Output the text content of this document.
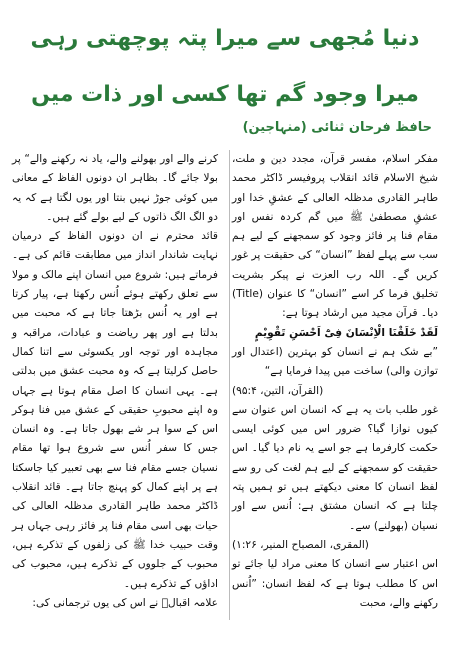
دنیا مُجھی سے میرا پتہ پوچھتی رہی
میرا وجود گم تھا کسی اور ذات میں
حافظ فرحان ثنائی (منہاجین)

مفکر اسلام، مفسر قرآن، مجدد دین و ملت، شیخ الاسلام قائد انقلاب پروفیسر ڈاکٹر محمد طاہر القادری مدظلہ العالی کے عشقِ خدا اور عشقِ مصطفیٰ ﷺ میں گم کردہ نفس اور مقام فنا پر فائز وجود کو سمجھنے کے لیے ہم سب سے پہلے لفظ ”انسان“ کی حقیقت پر غور کریں گے۔ اللہ رب العزت نے پیکر بشریت تخلیق فرما کر اسے ”انسان“ کا عنوان (Title) دیا۔ قرآن مجید میں ارشاد ہوتا ہے:

لَقَدْ خَلَقْنَا الْاِنْسَانَ فِیْٓ اَحْسَنِ تَقْوِیْمٍ

”بے شک ہم نے انسان کو بہترین (اعتدال اور توازن والی) ساخت میں پیدا فرمایا ہے“

(القرآن، التین، ۹۵:۴)

غور طلب بات یہ ہے کہ انسان اس عنوان سے کیوں نوازا گیا؟ ضرور اس میں کوئی ایسی حکمت کارفرما ہے جو اسے یہ نام دیا گیا۔ اس حقیقت کو سمجھنے کے لیے ہم لغت کی رو سے لفظ انسان کا معنی دیکھتے ہیں تو ہمیں پتہ چلتا ہے کہ انسان مشتق ہے: اُنس سے اور نسیان (بھولنے) سے۔

(المقری، المصباح المنیر، ۱:۲۶)

اس اعتبار سے انسان کا معنی مراد لیا جائے تو اس کا مطلب ہوتا ہے کہ لفظ انسان: ”اُنس رکھنے والے، محبت

کرنے والے اور بھولنے والے، یاد نہ رکھنے والے“ پر بولا جائے گا۔ بظاہر ان دونوں الفاظ کے معانی میں کوئی جوڑ نہیں بنتا اور یوں لگتا ہے کہ یہ دو الگ الگ ذاتوں کے لیے بولے گئے ہیں۔

قائد محترم نے ان دونوں الفاظ کے درمیان نہایت شاندار انداز میں مطابقت قائم کی ہے۔ فرماتے ہیں: شروع میں انسان اپنے مالک و مولا سے تعلق رکھتے ہوئے اُنس رکھتا ہے، پیار کرتا ہے اور یہ اُنس بڑھتا جاتا ہے کہ محبت میں بدلتا ہے اور پھر ریاضت و عبادات، مراقبہ و مجاہدہ اور توجہ اور یکسوئی سے اتنا کمال حاصل کرلیتا ہے کہ وہ محبت عشق میں بدلتی ہے۔ یہی انسان کا اصل مقام ہوتا ہے جہاں وہ اپنے محبوبِ حقیقی کے عشق میں فنا ہوکر اس کے سوا ہر شے بھول جاتا ہے۔ وہ انسان جس کا سفر اُنس سے شروع ہوا تھا مقام نسیان جسے مقام فنا سے بھی تعبیر کیا جاسکتا ہے پر اپنے کمال کو پہنچ جاتا ہے۔ قائد انقلاب ڈاکٹر محمد طاہر القادری مدظلہ العالی کی حیات بھی اسی مقام فنا پر فائز رہی جہاں ہر وقت حبیب خدا ﷺ کی زلفوں کے تذکرے ہیں، محبوب کے جلووں کے تذکرے ہیں، محبوب کی اداؤں کے تذکرے ہیں۔

علامہ اقبالؒ نے اس کی یوں ترجمانی کی:
